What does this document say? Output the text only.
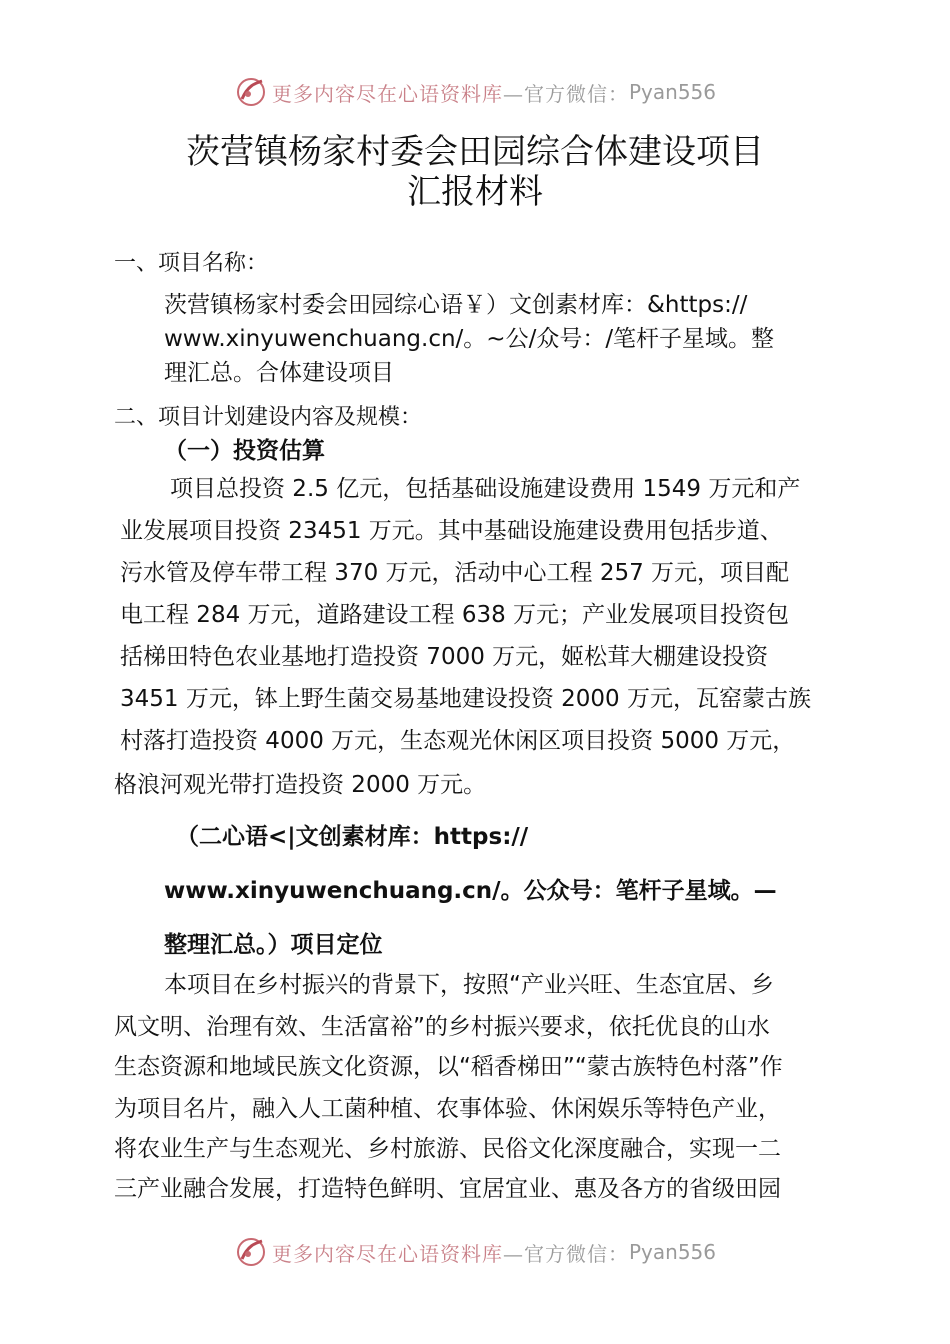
更多内容尽在心语资料库 —官方微信： Pyan556
茨营镇杨家村委会田园综合体建设项目
汇报材料
一、项目名称：
茨营镇杨家村委会田园综心语￥）文创素材库：&https://
www.xinyuwenchuang.cn/。~公/众号：/笔杆子星域。整
理汇总。合体建设项目
二、项目计划建设内容及规模：
（一）投资估算
项目总投资 2.5 亿元，包括基础设施建设费用 1549 万元和产
业发展项目投资 23451 万元。其中基础设施建设费用包括步道、
污水管及停车带工程 370 万元，活动中心工程 257 万元，项目配
电工程 284 万元，道路建设工程 638 万元；产业发展项目投资包
括梯田特色农业基地打造投资 7000 万元，姬松茸大棚建设投资
3451 万元，钵上野生菌交易基地建设投资 2000 万元，瓦窑蒙古族
村落打造投资 4000 万元，生态观光休闲区项目投资 5000 万元，
格浪河观光带打造投资 2000 万元。
（二心语<|文创素材库：https://
www.xinyuwenchuang.cn/。公众号：笔杆子星域。—
整理汇总。）项目定位
本项目在乡村振兴的背景下，按照“产业兴旺、生态宜居、乡
风文明、治理有效、生活富裕”的乡村振兴要求，依托优良的山水
生态资源和地域民族文化资源，以“稻香梯田”“蒙古族特色村落”作
为项目名片，融入人工菌种植、农事体验、休闲娱乐等特色产业，
将农业生产与生态观光、乡村旅游、民俗文化深度融合，实现一二
三产业融合发展，打造特色鲜明、宜居宜业、惠及各方的省级田园
更多内容尽在心语资料库 —官方微信： Pyan556
